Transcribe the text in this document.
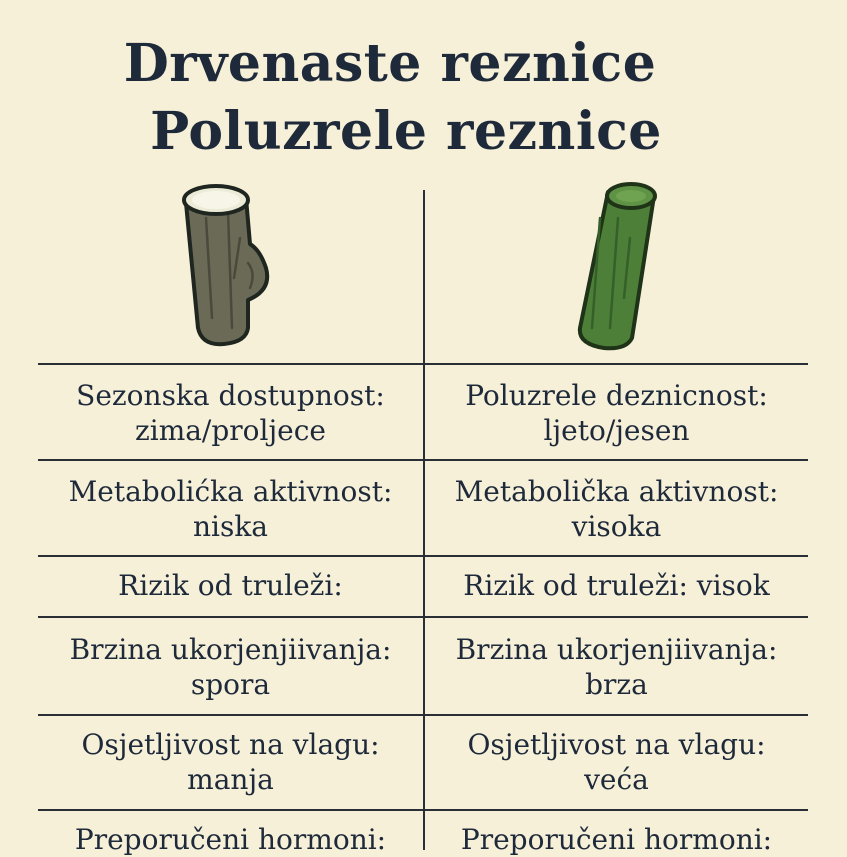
Drvenaste reznice
Poluzrele reznice
Sezonska dostupnost:
zima/proljece
Poluzrele deznicnost:
ljeto/jesen
Metabolićka aktivnost:
niska
Metabolička aktivnost:
visoka
Rizik od truleži:	Rizik od truleži: visok
Brzina ukorjenjiivanja:
spora
Brzina ukorjenjiivanja:
brza
Osjetljivost na vlagu:
manja
Osjetljivost na vlagu:
veća
Preporučeni hormoni:	Preporučeni hormoni:
